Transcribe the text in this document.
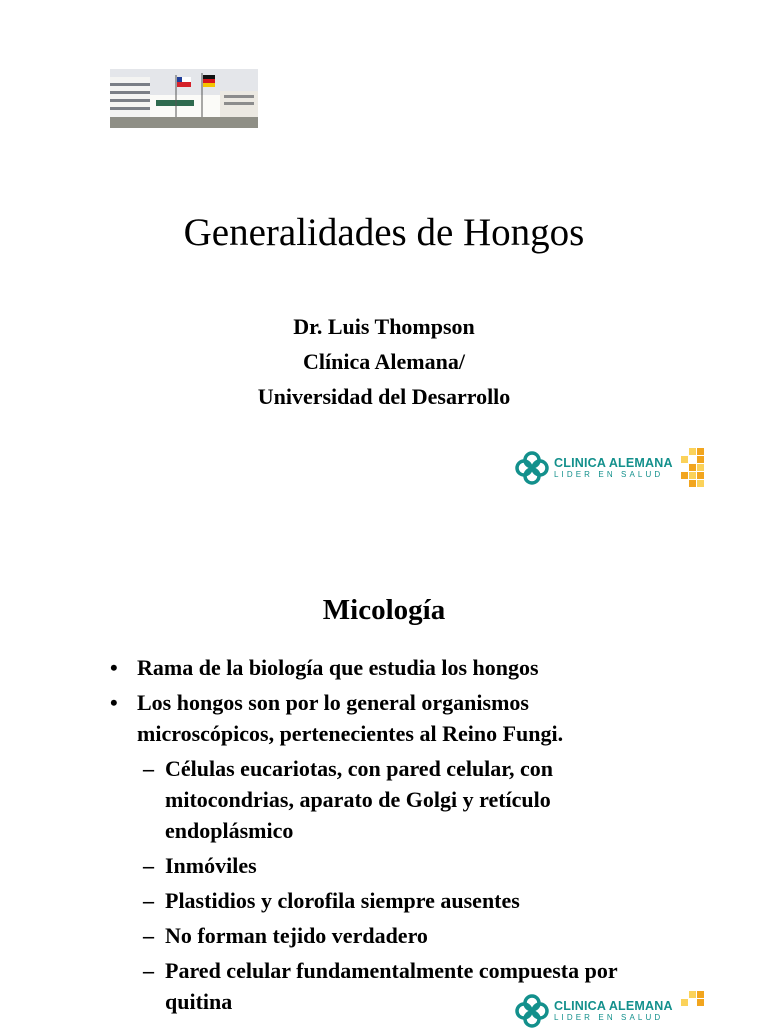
Generalidades de Hongos
Dr. Luis Thompson
Clínica Alemana/
Universidad del Desarrollo
CLINICA ALEMANA
LIDER EN SALUD
Micología
• Rama de la biología que estudia los hongos
• Los hongos son por lo general organismos microscópicos, pertenecientes al Reino Fungi.
– Células eucariotas, con pared celular, con mitocondrias, aparato de Golgi y retículo endoplásmico
– Inmóviles
– Plastidios y clorofila siempre ausentes
– No forman tejido verdadero
– Pared celular fundamentalmente compuesta por quitina	CLINICA ALEMANA
LIDER EN SALUD
